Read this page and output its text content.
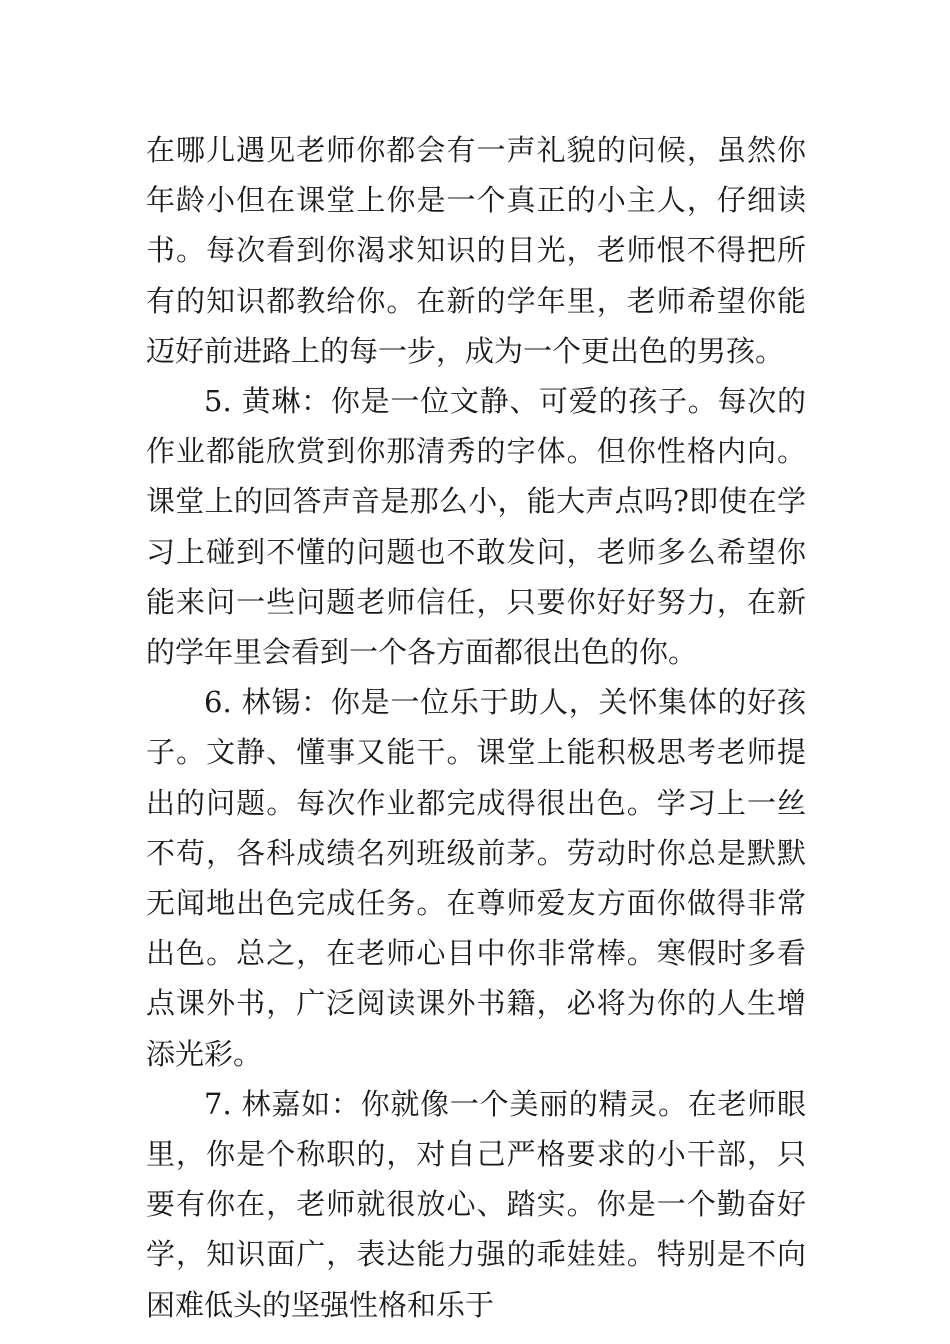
在哪儿遇见老师你都会有一声礼貌的问候，虽然你年龄小但在课堂上你是一个真正的小主人，仔细读书。每次看到你渴求知识的目光，老师恨不得把所有的知识都教给你。在新的学年里，老师希望你能迈好前进路上的每一步，成为一个更出色的男孩。

5. 黄琳：你是一位文静、可爱的孩子。每次的作业都能欣赏到你那清秀的字体。但你性格内向。课堂上的回答声音是那么小，能大声点吗?即使在学习上碰到不懂的问题也不敢发问，老师多么希望你能来问一些问题老师信任，只要你好好努力，在新的学年里会看到一个各方面都很出色的你。

6. 林锡：你是一位乐于助人，关怀集体的好孩子。文静、懂事又能干。课堂上能积极思考老师提出的问题。每次作业都完成得很出色。学习上一丝不苟，各科成绩名列班级前茅。劳动时你总是默默无闻地出色完成任务。在尊师爱友方面你做得非常出色。总之，在老师心目中你非常棒。寒假时多看点课外书，广泛阅读课外书籍，必将为你的人生增添光彩。

7. 林嘉如：你就像一个美丽的精灵。在老师眼里，你是个称职的，对自己严格要求的小干部，只要有你在，老师就很放心、踏实。你是一个勤奋好学，知识面广，表达能力强的乖娃娃。特别是不向困难低头的坚强性格和乐于
